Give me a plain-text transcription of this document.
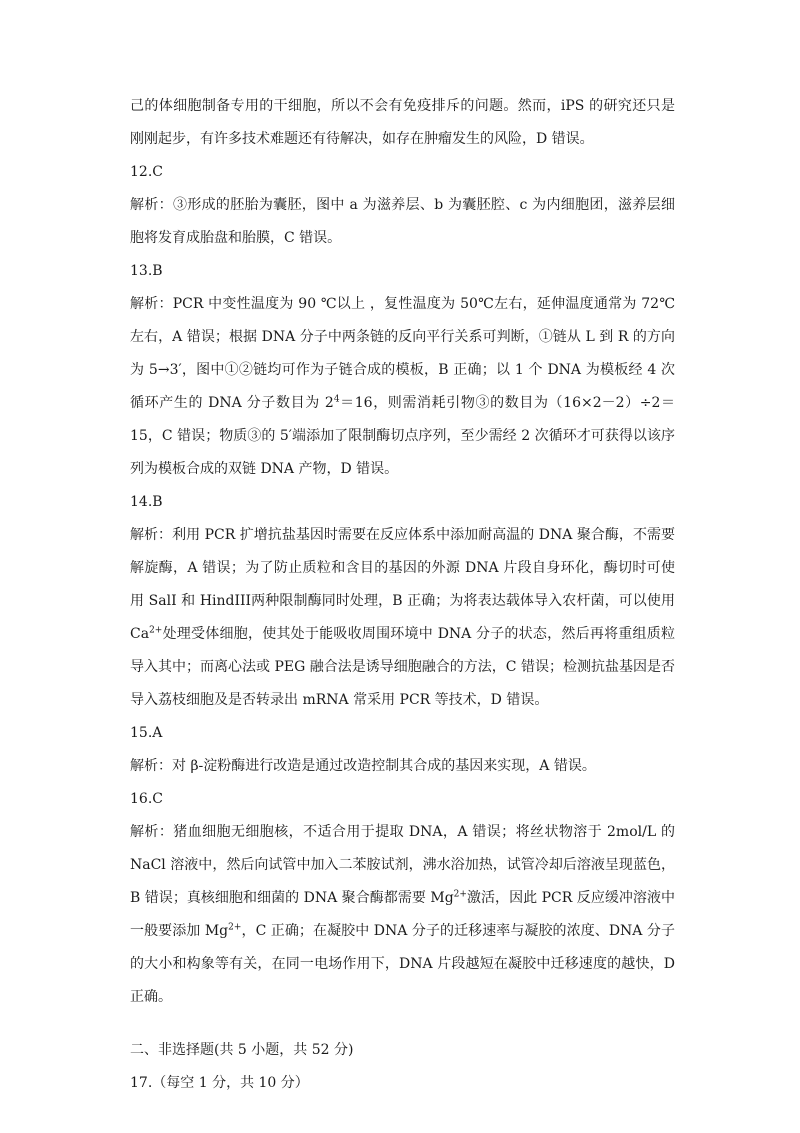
己的体细胞制备专用的干细胞，所以不会有免疫排斥的问题。然而，iPS 的研究还只是刚刚起步，有许多技术难题还有待解决，如存在肿瘤发生的风险，D 错误。

12.C

解析：③形成的胚胎为囊胚，图中 a 为滋养层、b 为囊胚腔、c 为内细胞团，滋养层细胞将发育成胎盘和胎膜，C 错误。

13.B

解析：PCR 中变性温度为 90 ℃以上 ，复性温度为 50℃左右，延伸温度通常为 72℃左右，A 错误；根据 DNA 分子中两条链的反向平行关系可判断，①链从 L 到 R 的方向为 5→3′，图中①②链均可作为子链合成的模板，B 正确；以 1 个 DNA 为模板经 4 次循环产生的 DNA 分子数目为 $2^4=16$，则需消耗引物③的数目为（16×2－2）÷2＝15，C 错误；物质③的 5′端添加了限制酶切点序列，至少需经 2 次循环才可获得以该序列为模板合成的双链 DNA 产物，D 错误。

14.B

解析：利用 PCR 扩增抗盐基因时需要在反应体系中添加耐高温的 DNA 聚合酶，不需要解旋酶，A 错误；为了防止质粒和含目的基因的外源 DNA 片段自身环化，酶切时可使用 SalI 和 HindIII两种限制酶同时处理，B 正确；为将表达载体导入农杆菌，可以使用 $Ca^{2+}$处理受体细胞，使其处于能吸收周围环境中 DNA 分子的状态，然后再将重组质粒导入其中；而离心法或 PEG 融合法是诱导细胞融合的方法，C 错误；检测抗盐基因是否导入荔枝细胞及是否转录出 mRNA 常采用 PCR 等技术，D 错误。

15.A

解析：对 β-淀粉酶进行改造是通过改造控制其合成的基因来实现，A 错误。

16.C

解析：猪血细胞无细胞核，不适合用于提取 DNA，A 错误；将丝状物溶于 2mol/L 的 NaCl 溶液中，然后向试管中加入二苯胺试剂，沸水浴加热，试管冷却后溶液呈现蓝色，B 错误；真核细胞和细菌的 DNA 聚合酶都需要 $Mg^{2+}$激活，因此 PCR 反应缓冲溶液中一般要添加 $Mg^{2+}$，C 正确；在凝胶中 DNA 分子的迁移速率与凝胶的浓度、DNA 分子的大小和构象等有关，在同一电场作用下，DNA 片段越短在凝胶中迁移速度的越快，D 正确。

二、非选择题(共 5 小题，共 52 分)

17.（每空 1 分，共 10 分）
